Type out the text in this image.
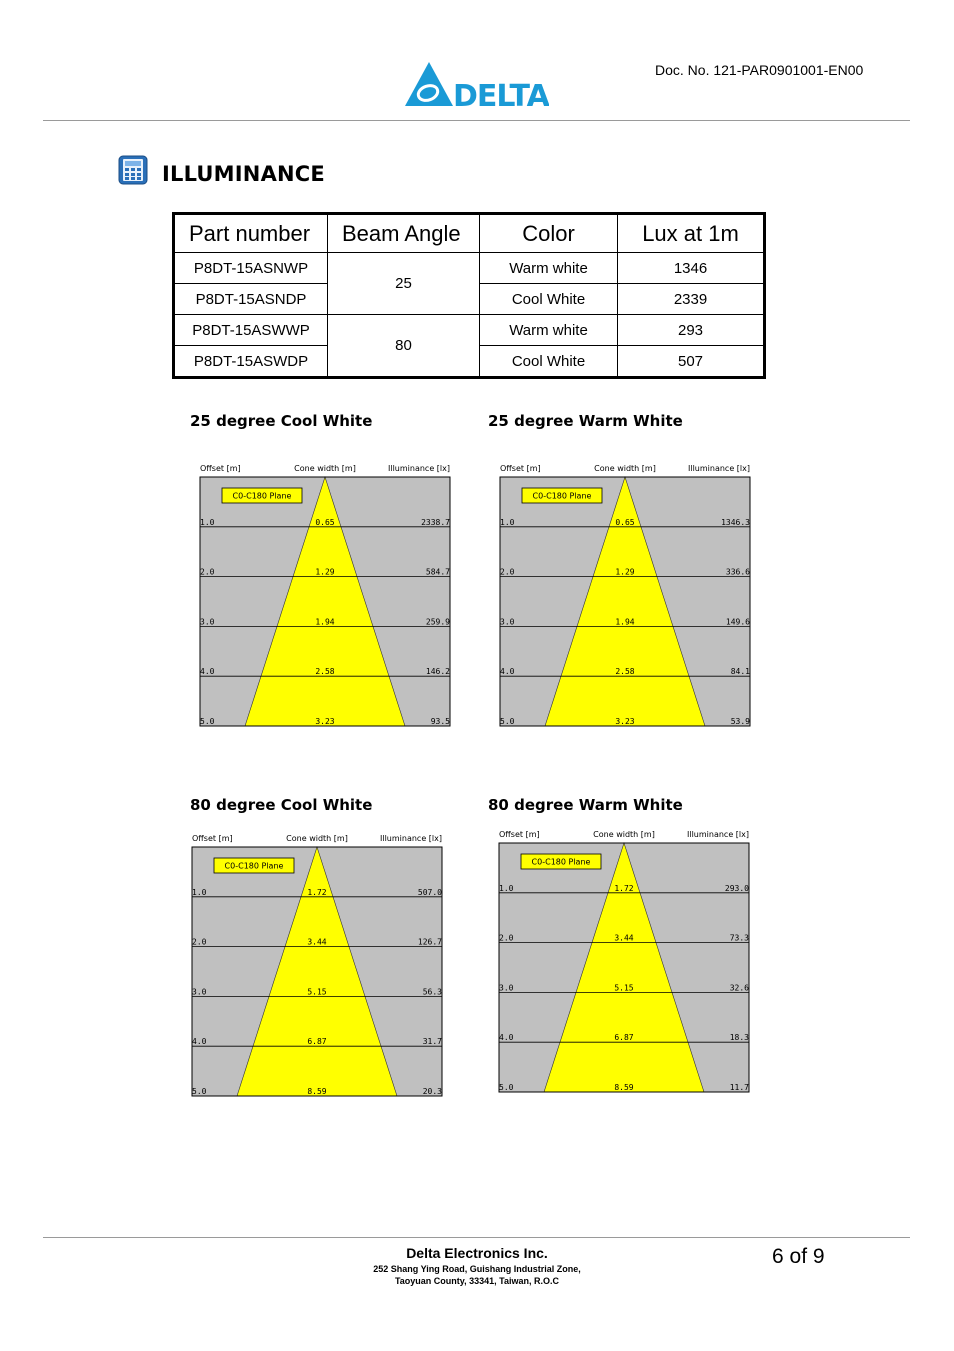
Doc. No. 121-PAR0901001-EN00
DELTA
ILLUMINANCE
Part number	Beam Angle	Color	Lux at 1m
P8DT-15ASNWP	25	Warm white	1346
P8DT-15ASNDP		Cool White	2339
P8DT-15ASWWP	80	Warm white	293
P8DT-15ASWDP		Cool White	507
25 degree Cool White	25 degree Warm White
80 degree Cool White	80 degree Warm White
Offset [m]	Cone width [m]	Illuminance [lx]
1.0	0.65	2338.7
2.0	1.29	584.7
3.0	1.94	259.9
4.0	2.58	146.2
5.0	3.23	93.5
C0-C180 Plane
Offset [m]	Cone width [m]	Illuminance [lx]
1.0	0.65	1346.3
2.0	1.29	336.6
3.0	1.94	149.6
4.0	2.58	84.1
5.0	3.23	53.9
C0-C180 Plane
Offset [m]	Cone width [m]	Illuminance [lx]
1.0	1.72	507.0
2.0	3.44	126.7
3.0	5.15	56.3
4.0	6.87	31.7
5.0	8.59	20.3
C0-C180 Plane
Offset [m]	Cone width [m]	Illuminance [lx]
1.0	1.72	293.0
2.0	3.44	73.3
3.0	5.15	32.6
4.0	6.87	18.3
5.0	8.59	11.7
C0-C180 Plane
Delta Electronics Inc.
252 Shang Ying Road, Guishang Industrial Zone,
Taoyuan County, 33341, Taiwan, R.O.C
6 of 9
